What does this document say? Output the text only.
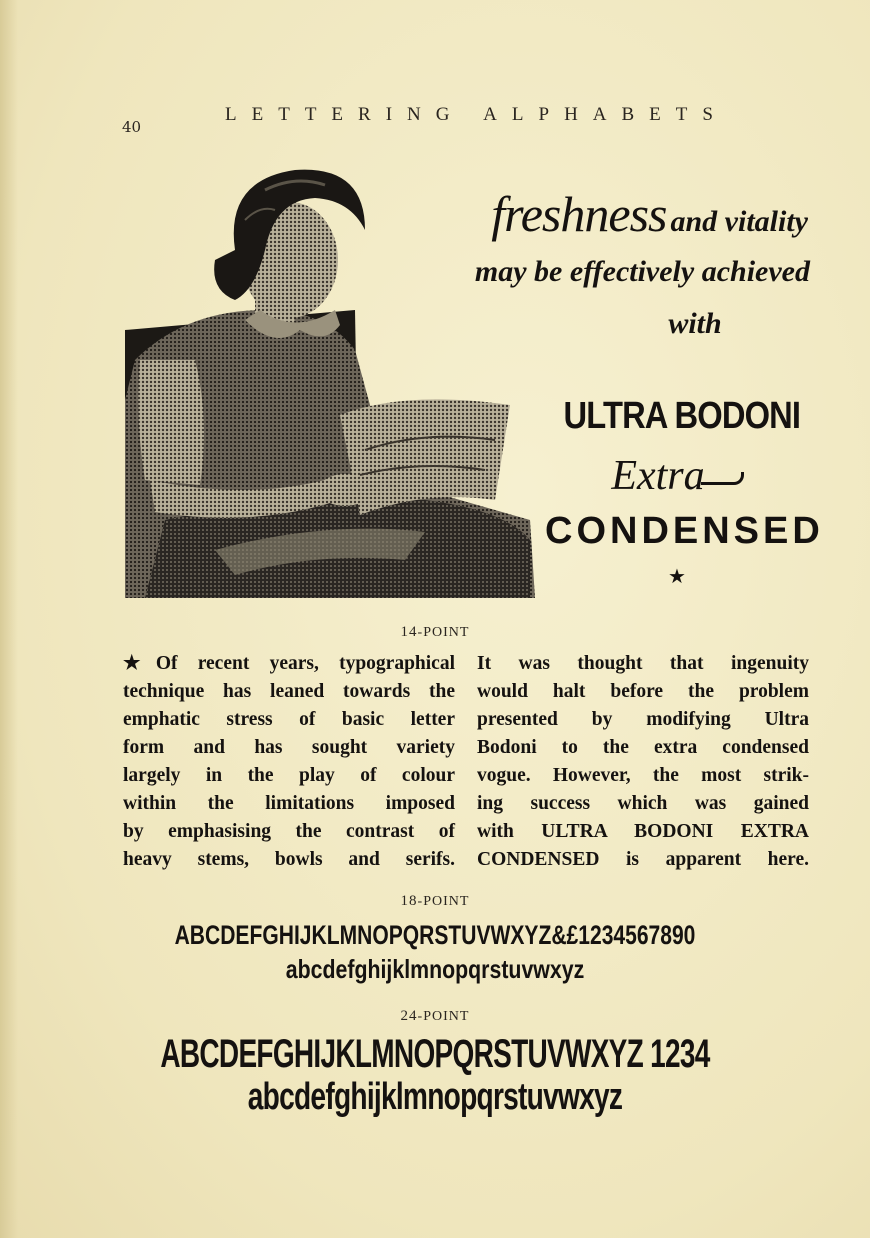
40
LETTERING ALPHABETS
freshness and vitality
may be effectively achieved
with
ULTRA BODONI
Extra
CONDENSED
★
14-POINT
★Of recent years, typographical
technique has leaned towards the
emphatic stress of basic letter
form and has sought variety
largely in the play of colour
within the limitations imposed
by emphasising the contrast of
heavy stems, bowls and serifs.
It was thought that ingenuity
would halt before the problem
presented by modifying Ultra
Bodoni to the extra condensed
vogue. However, the most strik-
ing success which was gained
with ULTRA BODONI EXTRA
CONDENSED is apparent here.
18-POINT
ABCDEFGHIJKLMNOPQRSTUVWXYZ&£1234567890
abcdefghijklmnopqrstuvwxyz
24-POINT
ABCDEFGHIJKLMNOPQRSTUVWXYZ 1234
abcdefghijklmnopqrstuvwxyz
